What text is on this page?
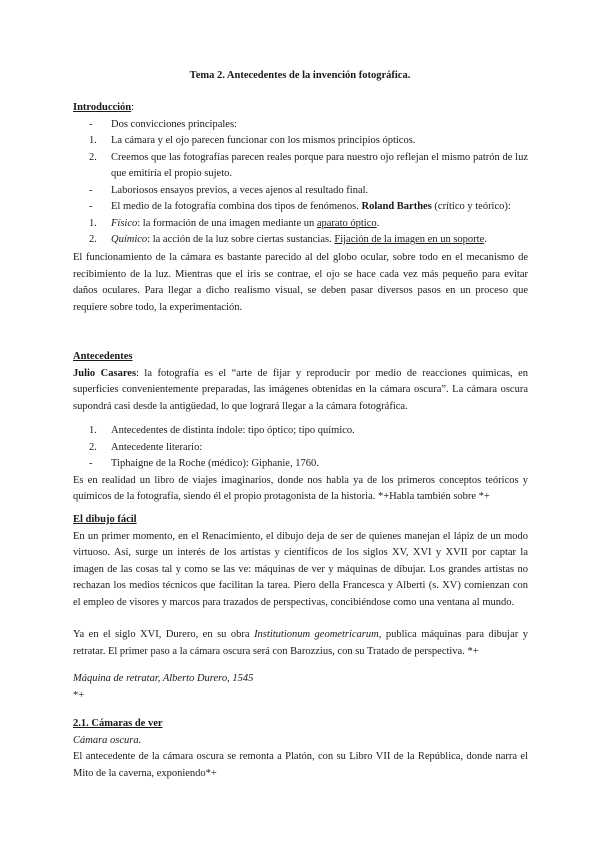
Tema 2. Antecedentes de la invención fotográfica.

Introducción:

- Dos convicciones principales:
1. La cámara y el ojo parecen funcionar con los mismos principios ópticos.
2. Creemos que las fotografías parecen reales porque para nuestro ojo reflejan el mismo patrón de luz que emitiría el propio sujeto.
- Laboriosos ensayos previos, a veces ajenos al resultado final.
- El medio de la fotografía combina dos tipos de fenómenos. Roland Barthes (crítico y teórico):
1. Físico: la formación de una imagen mediante un aparato óptico.
2. Químico: la acción de la luz sobre ciertas sustancias. Fijación de la imagen en un soporte.

El funcionamiento de la cámara es bastante parecido al del globo ocular, sobre todo en el mecanismo de recibimiento de la luz. Mientras que el iris se contrae, el ojo se hace cada vez más pequeño para evitar daños oculares. Para llegar a dicho realismo visual, se deben pasar diversos pasos en un proceso que requiere sobre todo, la experimentación.

Antecedentes

Julio Casares: la fotografía es el “arte de fijar y reproducir por medio de reacciones químicas, en superficies convenientemente preparadas, las imágenes obtenidas en la cámara oscura”. La cámara oscura supondrá casi desde la antigüedad, lo que logrará llegar a la cámara fotográfica.

1. Antecedentes de distinta índole: tipo óptico; tipo químico.
2. Antecedente literario:
- Tiphaigne de la Roche (médico): Giphanie, 1760.

Es en realidad un libro de viajes imaginarios, donde nos habla ya de los primeros conceptos teóricos y químicos de la fotografía, siendo él el propio protagonista de la historia. *+Habla también sobre *+

El dibujo fácil

En un primer momento, en el Renacimiento, el dibujo deja de ser de quienes manejan el lápiz de un modo virtuoso. Así, surge un interés de los artistas y científicos de los siglos XV, XVI y XVII por captar la imagen de las cosas tal y como se las ve: máquinas de ver y máquinas de dibujar. Los grandes artistas no rechazan los medios técnicos que facilitan la tarea. Piero della Francesca y Alberti (s. XV) comienzan con el empleo de visores y marcos para trazados de perspectivas, concibiéndose como una ventana al mundo.

Ya en el siglo XVI, Durero, en su obra Institutionum geometricarum, publica máquinas para dibujar y retratar. El primer paso a la cámara oscura será con Barozzius, con su Tratado de perspectiva. *+

Máquina de retratar, Alberto Durero, 1545

*+

2.1. Cámaras de ver

Cámara oscura.

El antecedente de la cámara oscura se remonta a Platón, con su Libro VII de la República, donde narra el Mito de la caverna, exponiendo*+
